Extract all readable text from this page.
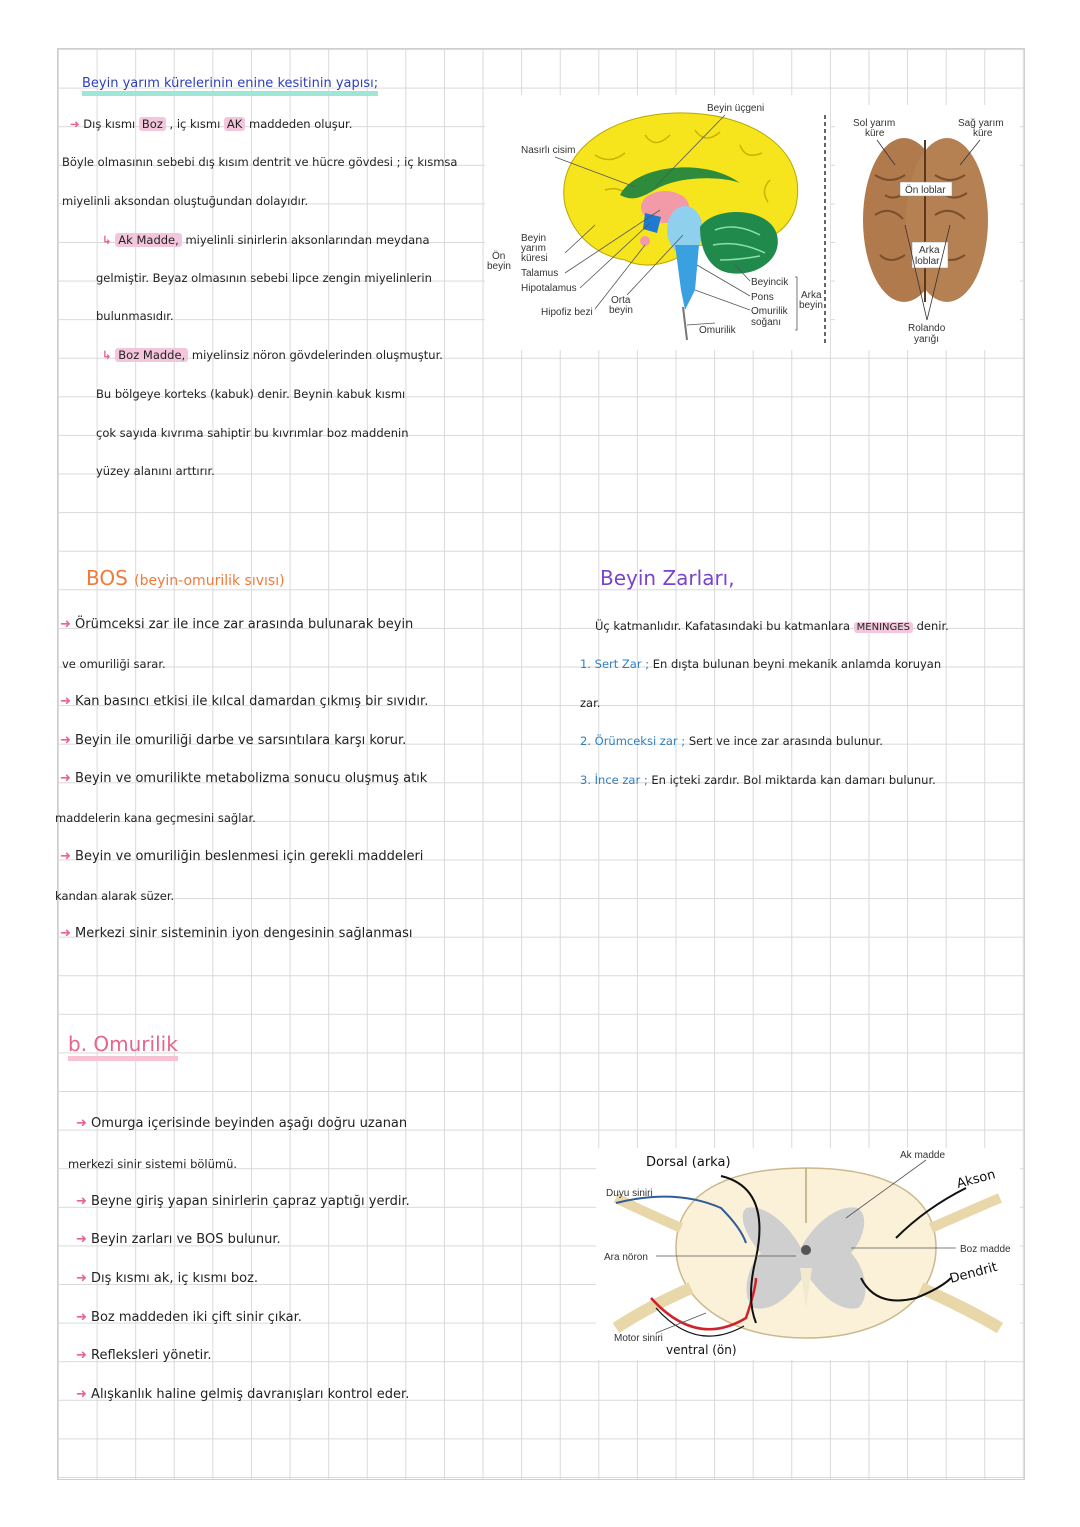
Beyin yarım kürelerinin enine kesitinin yapısı;
➜ Dış kısmı Boz , iç kısmı AK maddeden oluşur.
Böyle olmasının sebebi dış kısım dentrit ve hücre gövdesi ; iç kısmsa
miyelinli aksondan oluştuğundan dolayıdır.
↳ Ak Madde, miyelinli sinirlerin aksonlarından meydana
gelmiştir. Beyaz olmasının sebebi lipce zengin miyelinlerin
bulunmasıdır.
↳ Boz Madde, miyelinsiz nöron gövdelerinden oluşmuştur.
Bu bölgeye korteks (kabuk) denir. Beynin kabuk kısmı
çok sayıda kıvrıma sahiptir bu kıvrımlar boz maddenin
yüzey alanını arttırır.
Beyin üçgeni
Nasırlı cisim
Beyin
yarım
küresi
Ön
beyin
Talamus
Hipotalamus
Hipofiz bezi
Orta
beyin
Omurilik
Beyincik
Pons
Omurilik
soğanı
Arka
beyin
Ön loblar
Arka
loblar
Sol yarım
küre
Sağ yarım
küre
Rolando
yarığı
BOS (beyin-omurilik sıvısı)
➜ Örümceksi zar ile ince zar arasında bulunarak beyin
ve omuriliği sarar.
➜ Kan basıncı etkisi ile kılcal damardan çıkmış bir sıvıdır.
➜ Beyin ile omuriliği darbe ve sarsıntılara karşı korur.
➜ Beyin ve omurilikte metabolizma sonucu oluşmuş atık
maddelerin kana geçmesini sağlar.
➜ Beyin ve omuriliğin beslenmesi için gerekli maddeleri
kandan alarak süzer.
➜ Merkezi sinir sisteminin iyon dengesinin sağlanması
Beyin Zarları,
Üç katmanlıdır. Kafatasındaki bu katmanlara MENINGES denir.
1. Sert Zar ; En dışta bulunan beyni mekanik anlamda koruyan
zar.
2. Örümceksi zar ; Sert ve ince zar arasında bulunur.
3. İnce zar ; En içteki zardır. Bol miktarda kan damarı bulunur.
b. Omurilik
➜ Omurga içerisinde beyinden aşağı doğru uzanan
merkezi sinir sistemi bölümü.
➜ Beyne giriş yapan sinirlerin çapraz yaptığı yerdir.
➜ Beyin zarları ve BOS bulunur.
➜ Dış kısmı ak, iç kısmı boz.
➜ Boz maddeden iki çift sinir çıkar.
➜ Refleksleri yönetir.
➜ Alışkanlık haline gelmiş davranışları kontrol eder.
Dorsal (arka)	Ak madde
Akson
Duyu siniri
Ara nöron
Boz madde
Dendrit
Motor siniri
ventral (ön)
